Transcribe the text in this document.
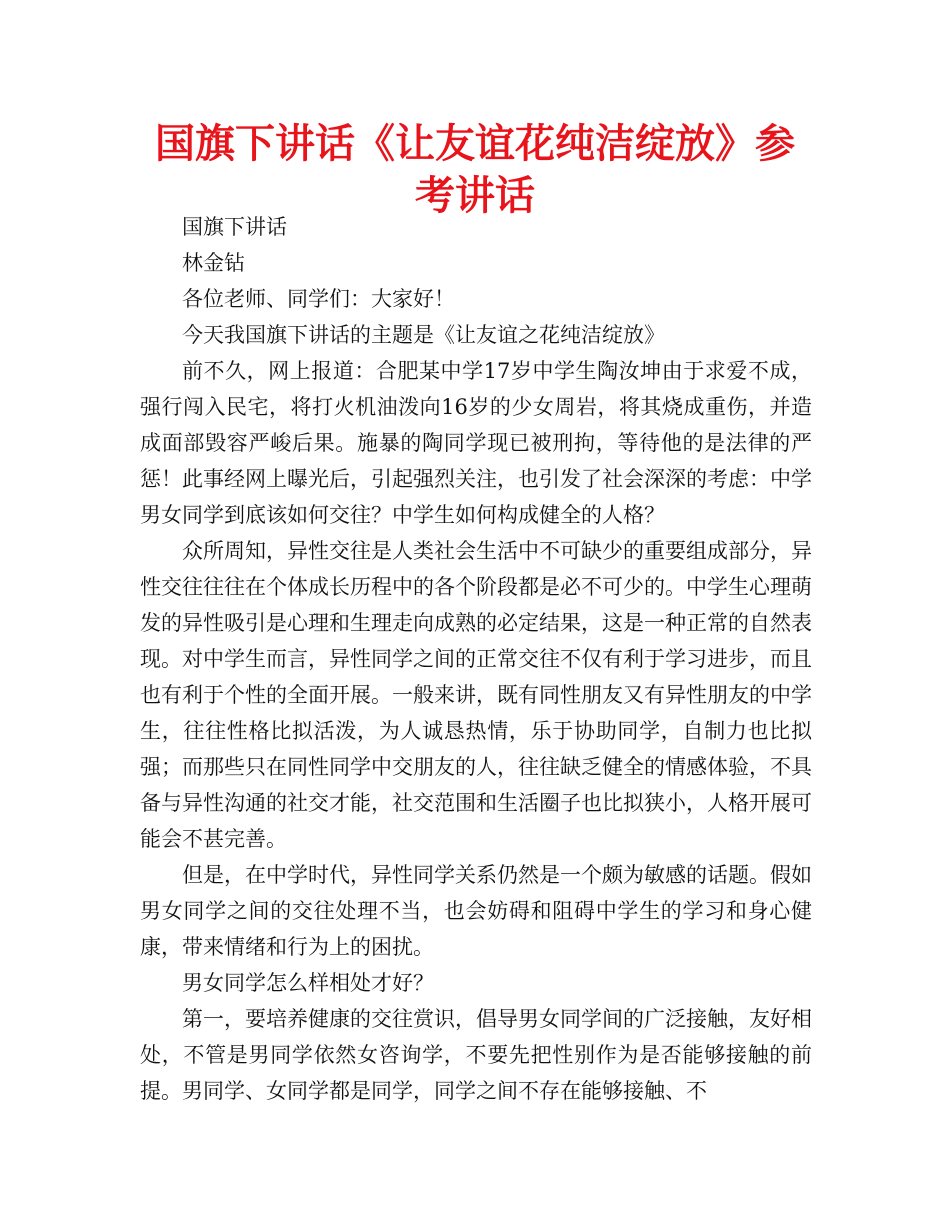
国旗下讲话《让友谊花纯洁绽放》参考讲话

国旗下讲话

林金钻

各位老师、同学们：大家好！

今天我国旗下讲话的主题是《让友谊之花纯洁绽放》

前不久，网上报道：合肥某中学17岁中学生陶汝坤由于求爱不成，强行闯入民宅，将打火机油泼向16岁的少女周岩，将其烧成重伤，并造成面部毁容严峻后果。施暴的陶同学现已被刑拘，等待他的是法律的严惩！此事经网上曝光后，引起强烈关注，也引发了社会深深的考虑：中学男女同学到底该如何交往？中学生如何构成健全的人格？

众所周知，异性交往是人类社会生活中不可缺少的重要组成部分，异性交往往往在个体成长历程中的各个阶段都是必不可少的。中学生心理萌发的异性吸引是心理和生理走向成熟的必定结果，这是一种正常的自然表现。对中学生而言，异性同学之间的正常交往不仅有利于学习进步，而且也有利于个性的全面开展。一般来讲，既有同性朋友又有异性朋友的中学生，往往性格比拟活泼，为人诚恳热情，乐于协助同学，自制力也比拟强；而那些只在同性同学中交朋友的人，往往缺乏健全的情感体验，不具备与异性沟通的社交才能，社交范围和生活圈子也比拟狭小，人格开展可能会不甚完善。

但是，在中学时代，异性同学关系仍然是一个颇为敏感的话题。假如男女同学之间的交往处理不当，也会妨碍和阻碍中学生的学习和身心健康，带来情绪和行为上的困扰。

男女同学怎么样相处才好？

第一，要培养健康的交往赏识，倡导男女同学间的广泛接触，友好相处，不管是男同学依然女咨询学，不要先把性别作为是否能够接触的前提。男同学、女同学都是同学，同学之间不存在能够接触、不
